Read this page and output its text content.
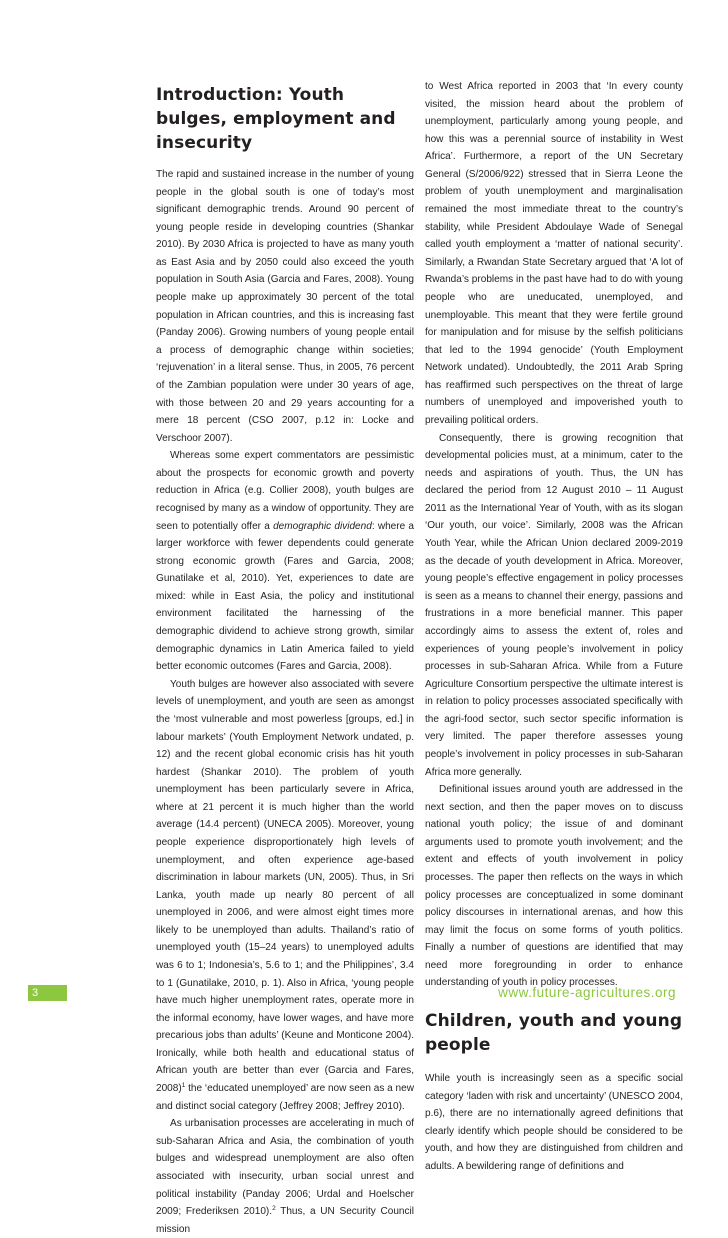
Introduction: Youth bulges, employment and insecurity

The rapid and sustained increase in the number of young people in the global south is one of today’s most significant demographic trends. Around 90 percent of young people reside in developing countries (Shankar 2010). By 2030 Africa is projected to have as many youth as East Asia and by 2050 could also exceed the youth population in South Asia (Garcia and Fares, 2008). Young people make up approximately 30 percent of the total population in African countries, and this is increasing fast (Panday 2006). Growing numbers of young people entail a process of demographic change within societies; ‘rejuvenation’ in a literal sense. Thus, in 2005, 76 percent of the Zambian population were under 30 years of age, with those between 20 and 29 years accounting for a mere 18 percent (CSO 2007, p.12 in: Locke and Verschoor 2007).

Whereas some expert commentators are pessimistic about the prospects for economic growth and poverty reduction in Africa (e.g. Collier 2008), youth bulges are recognised by many as a window of opportunity. They are seen to potentially offer a demographic dividend: where a larger workforce with fewer dependents could generate strong economic growth (Fares and Garcia, 2008; Gunatilake et al, 2010). Yet, experiences to date are mixed: while in East Asia, the policy and institutional environment facilitated the harnessing of the demographic dividend to achieve strong growth, similar demographic dynamics in Latin America failed to yield better economic outcomes (Fares and Garcia, 2008).

Youth bulges are however also associated with severe levels of unemployment, and youth are seen as amongst the ‘most vulnerable and most powerless [groups, ed.] in labour markets’ (Youth Employment Network undated, p. 12) and the recent global economic crisis has hit youth hardest (Shankar 2010). The problem of youth unemployment has been particularly severe in Africa, where at 21 percent it is much higher than the world average (14.4 percent) (UNECA 2005). Moreover, young people experience disproportionately high levels of unemployment, and often experience age-based discrimination in labour markets (UN, 2005). Thus, in Sri Lanka, youth made up nearly 80 percent of all unemployed in 2006, and were almost eight times more likely to be unemployed than adults. Thailand’s ratio of unemployed youth (15–24 years) to unemployed adults was 6 to 1; Indonesia’s, 5.6 to 1; and the Philippines’, 3.4 to 1 (Gunatilake, 2010, p. 1). Also in Africa, ‘young people have much higher unemployment rates, operate more in the informal economy, have lower wages, and have more precarious jobs than adults’ (Keune and Monticone 2004). Ironically, while both health and educational status of African youth are better than ever (Garcia and Fares, 2008)$^1$ the ‘educated unemployed’ are now seen as a new and distinct social category (Jeffrey 2008; Jeffrey 2010).

As urbanisation processes are accelerating in much of sub-Saharan Africa and Asia, the combination of youth bulges and widespread unemployment are also often associated with insecurity, urban social unrest and political instability (Panday 2006; Urdal and Hoelscher 2009; Frederiksen 2010).$^2$ Thus, a UN Security Council mission

to West Africa reported in 2003 that ‘In every county visited, the mission heard about the problem of unemployment, particularly among young people, and how this was a perennial source of instability in West Africa’. Furthermore, a report of the UN Secretary General (S/2006/922) stressed that in Sierra Leone the problem of youth unemployment and marginalisation remained the most immediate threat to the country’s stability, while President Abdoulaye Wade of Senegal called youth employment a ‘matter of national security’. Similarly, a Rwandan State Secretary argued that ‘A lot of Rwanda’s problems in the past have had to do with young people who are uneducated, unemployed, and unemployable. This meant that they were fertile ground for manipulation and for misuse by the selfish politicians that led to the 1994 genocide’ (Youth Employment Network undated). Undoubtedly, the 2011 Arab Spring has reaffirmed such perspectives on the threat of large numbers of unemployed and impoverished youth to prevailing political orders.

Consequently, there is growing recognition that developmental policies must, at a minimum, cater to the needs and aspirations of youth. Thus, the UN has declared the period from 12 August 2010 – 11 August 2011 as the International Year of Youth, with as its slogan ‘Our youth, our voice’. Similarly, 2008 was the African Youth Year, while the African Union declared 2009-2019 as the decade of youth development in Africa. Moreover, young people’s effective engagement in policy processes is seen as a means to channel their energy, passions and frustrations in a more beneficial manner. This paper accordingly aims to assess the extent of, roles and experiences of young people’s involvement in policy processes in sub-Saharan Africa. While from a Future Agriculture Consortium perspective the ultimate interest is in relation to policy processes associated specifically with the agri-food sector, such sector specific information is very limited. The paper therefore assesses young people’s involvement in policy processes in sub-Saharan Africa more generally.

Definitional issues around youth are addressed in the next section, and then the paper moves on to discuss national youth policy; the issue of and dominant arguments used to promote youth involvement; and the extent and effects of youth involvement in policy processes. The paper then reflects on the ways in which policy processes are conceptualized in some dominant policy discourses in international arenas, and how this may limit the focus on some forms of youth politics. Finally a number of questions are identified that may need more foregrounding in order to enhance understanding of youth in policy processes.

Children, youth and young people

While youth is increasingly seen as a specific social category ‘laden with risk and uncertainty’ (UNESCO 2004, p.6), there are no internationally agreed definitions that clearly identify which people should be considered to be youth, and how they are distinguished from children and adults. A bewildering range of definitions and

3	www.future-agricultures.org
